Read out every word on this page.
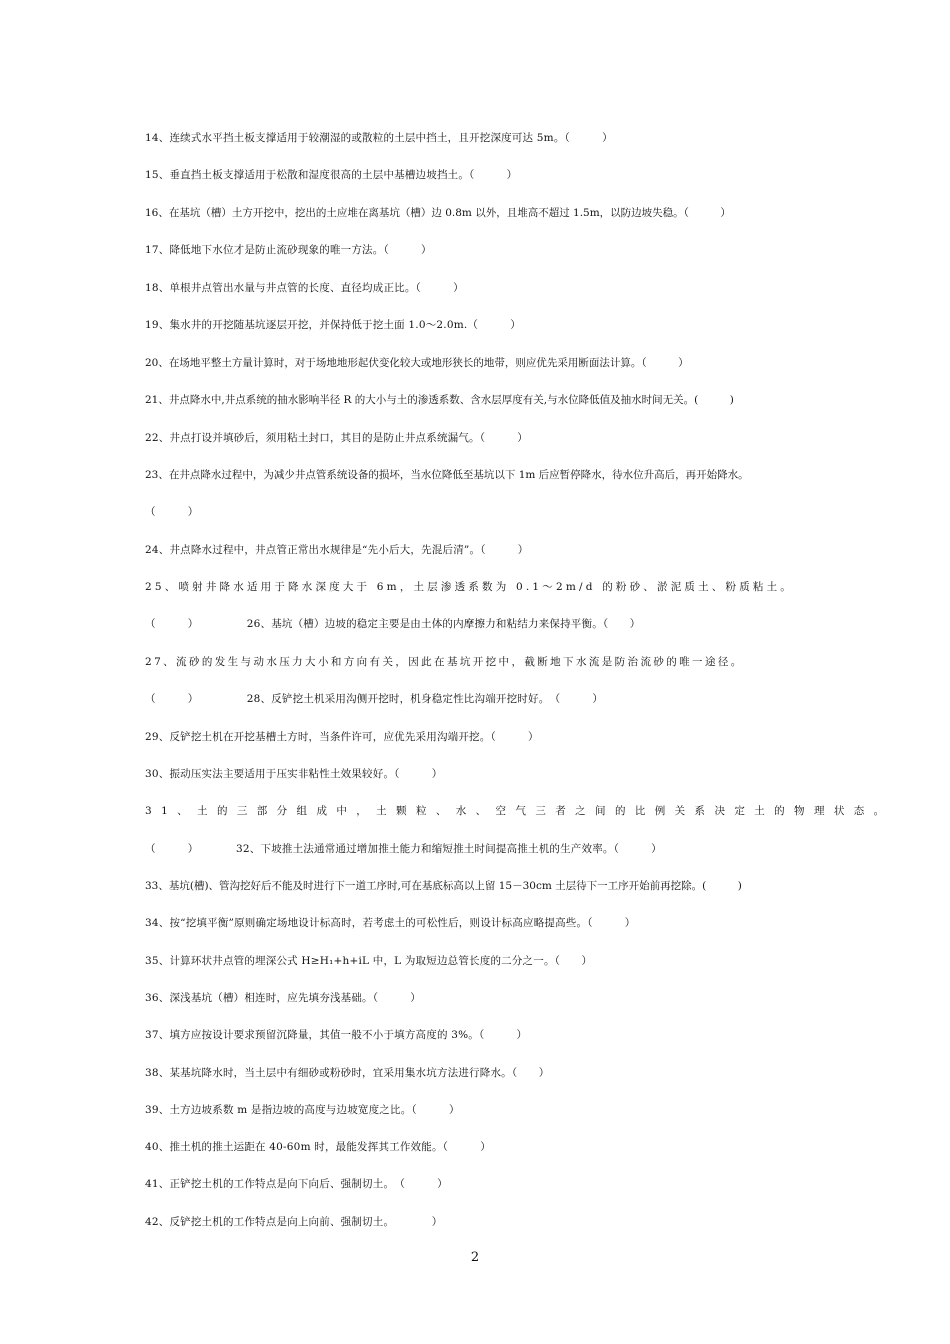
14、连续式水平挡土板支撑适用于较潮湿的或散粒的土层中挡土，且开挖深度可达 5m。（　　　）
15、垂直挡土板支撑适用于松散和湿度很高的土层中基槽边坡挡土。（　　　）
16、在基坑（槽）土方开挖中，挖出的土应堆在离基坑（槽）边 0.8m 以外，且堆高不超过 1.5m，以防边坡失稳。（　　　）
17、降低地下水位才是防止流砂现象的唯一方法。（　　　）
18、单根井点管出水量与井点管的长度、直径均成正比。（　　　）
19、集水井的开挖随基坑逐层开挖，并保持低于挖土面 1.0～2.0m.（　　　）
20、在场地平整土方量计算时，对于场地地形起伏变化较大或地形狭长的地带，则应优先采用断面法计算。（　　　）
21、井点降水中,井点系统的抽水影响半径 R 的大小与土的渗透系数、含水层厚度有关,与水位降低值及抽水时间无关。(　　　)
22、井点打设并填砂后，须用粘土封口，其目的是防止井点系统漏气。（　　　）
23、在井点降水过程中，为减少井点管系统设备的损坏，当水位降低至基坑以下 1m 后应暂停降水，待水位升高后，再开始降水。
（　　　）
24、井点降水过程中，井点管正常出水规律是“先小后大，先混后清”。（　　　）
25、喷射井降水适用于降水深度大于 6m，土层渗透系数为 0.1～2m/d 的粉砂、淤泥质土、粉质粘土。
（　　　）　　　　　26、基坑（槽）边坡的稳定主要是由土体的内摩擦力和粘结力来保持平衡。（　　）
27、流砂的发生与动水压力大小和方向有关，因此在基坑开挖中，截断地下水流是防治流砂的唯一途径。
（　　　）　　　　　28、反铲挖土机采用沟侧开挖时，机身稳定性比沟端开挖时好。　（　　　）
29、反铲挖土机在开挖基槽土方时，当条件许可，应优先采用沟端开挖。（　　　）
30、振动压实法主要适用于压实非粘性土效果较好。（　　　）
31、土的三部分组成中，土颗粒、水、空气三者之间的比例关系决定土的物理状态。
（　　　）　　　　32、下坡推土法通常通过增加推土能力和缩短推土时间提高推土机的生产效率。（　　　）
33、基坑(槽)、管沟挖好后不能及时进行下一道工序时,可在基底标高以上留 15－30cm 土层待下一工序开始前再挖除。(　　　)
34、按“挖填平衡”原则确定场地设计标高时，若考虑土的可松性后，则设计标高应略提高些。（　　　）
35、计算环状井点管的埋深公式 H≥H₁+h+iL 中，L 为取短边总管长度的二分之一。（　　）
36、深浅基坑（槽）相连时，应先填夯浅基础。（　　　）
37、填方应按设计要求预留沉降量，其值一般不小于填方高度的 3%。（　　　）
38、某基坑降水时，当土层中有细砂或粉砂时，宜采用集水坑方法进行降水。（　　）
39、土方边坡系数 m 是指边坡的高度与边坡宽度之比。（　　　）
40、推土机的推土运距在 40-60m 时，最能发挥其工作效能。（　　　）
41、正铲挖土机的工作特点是向下向后、强制切土。　（　　　）
42、反铲挖土机的工作特点是向上向前、强制切土。　　　　）
2
